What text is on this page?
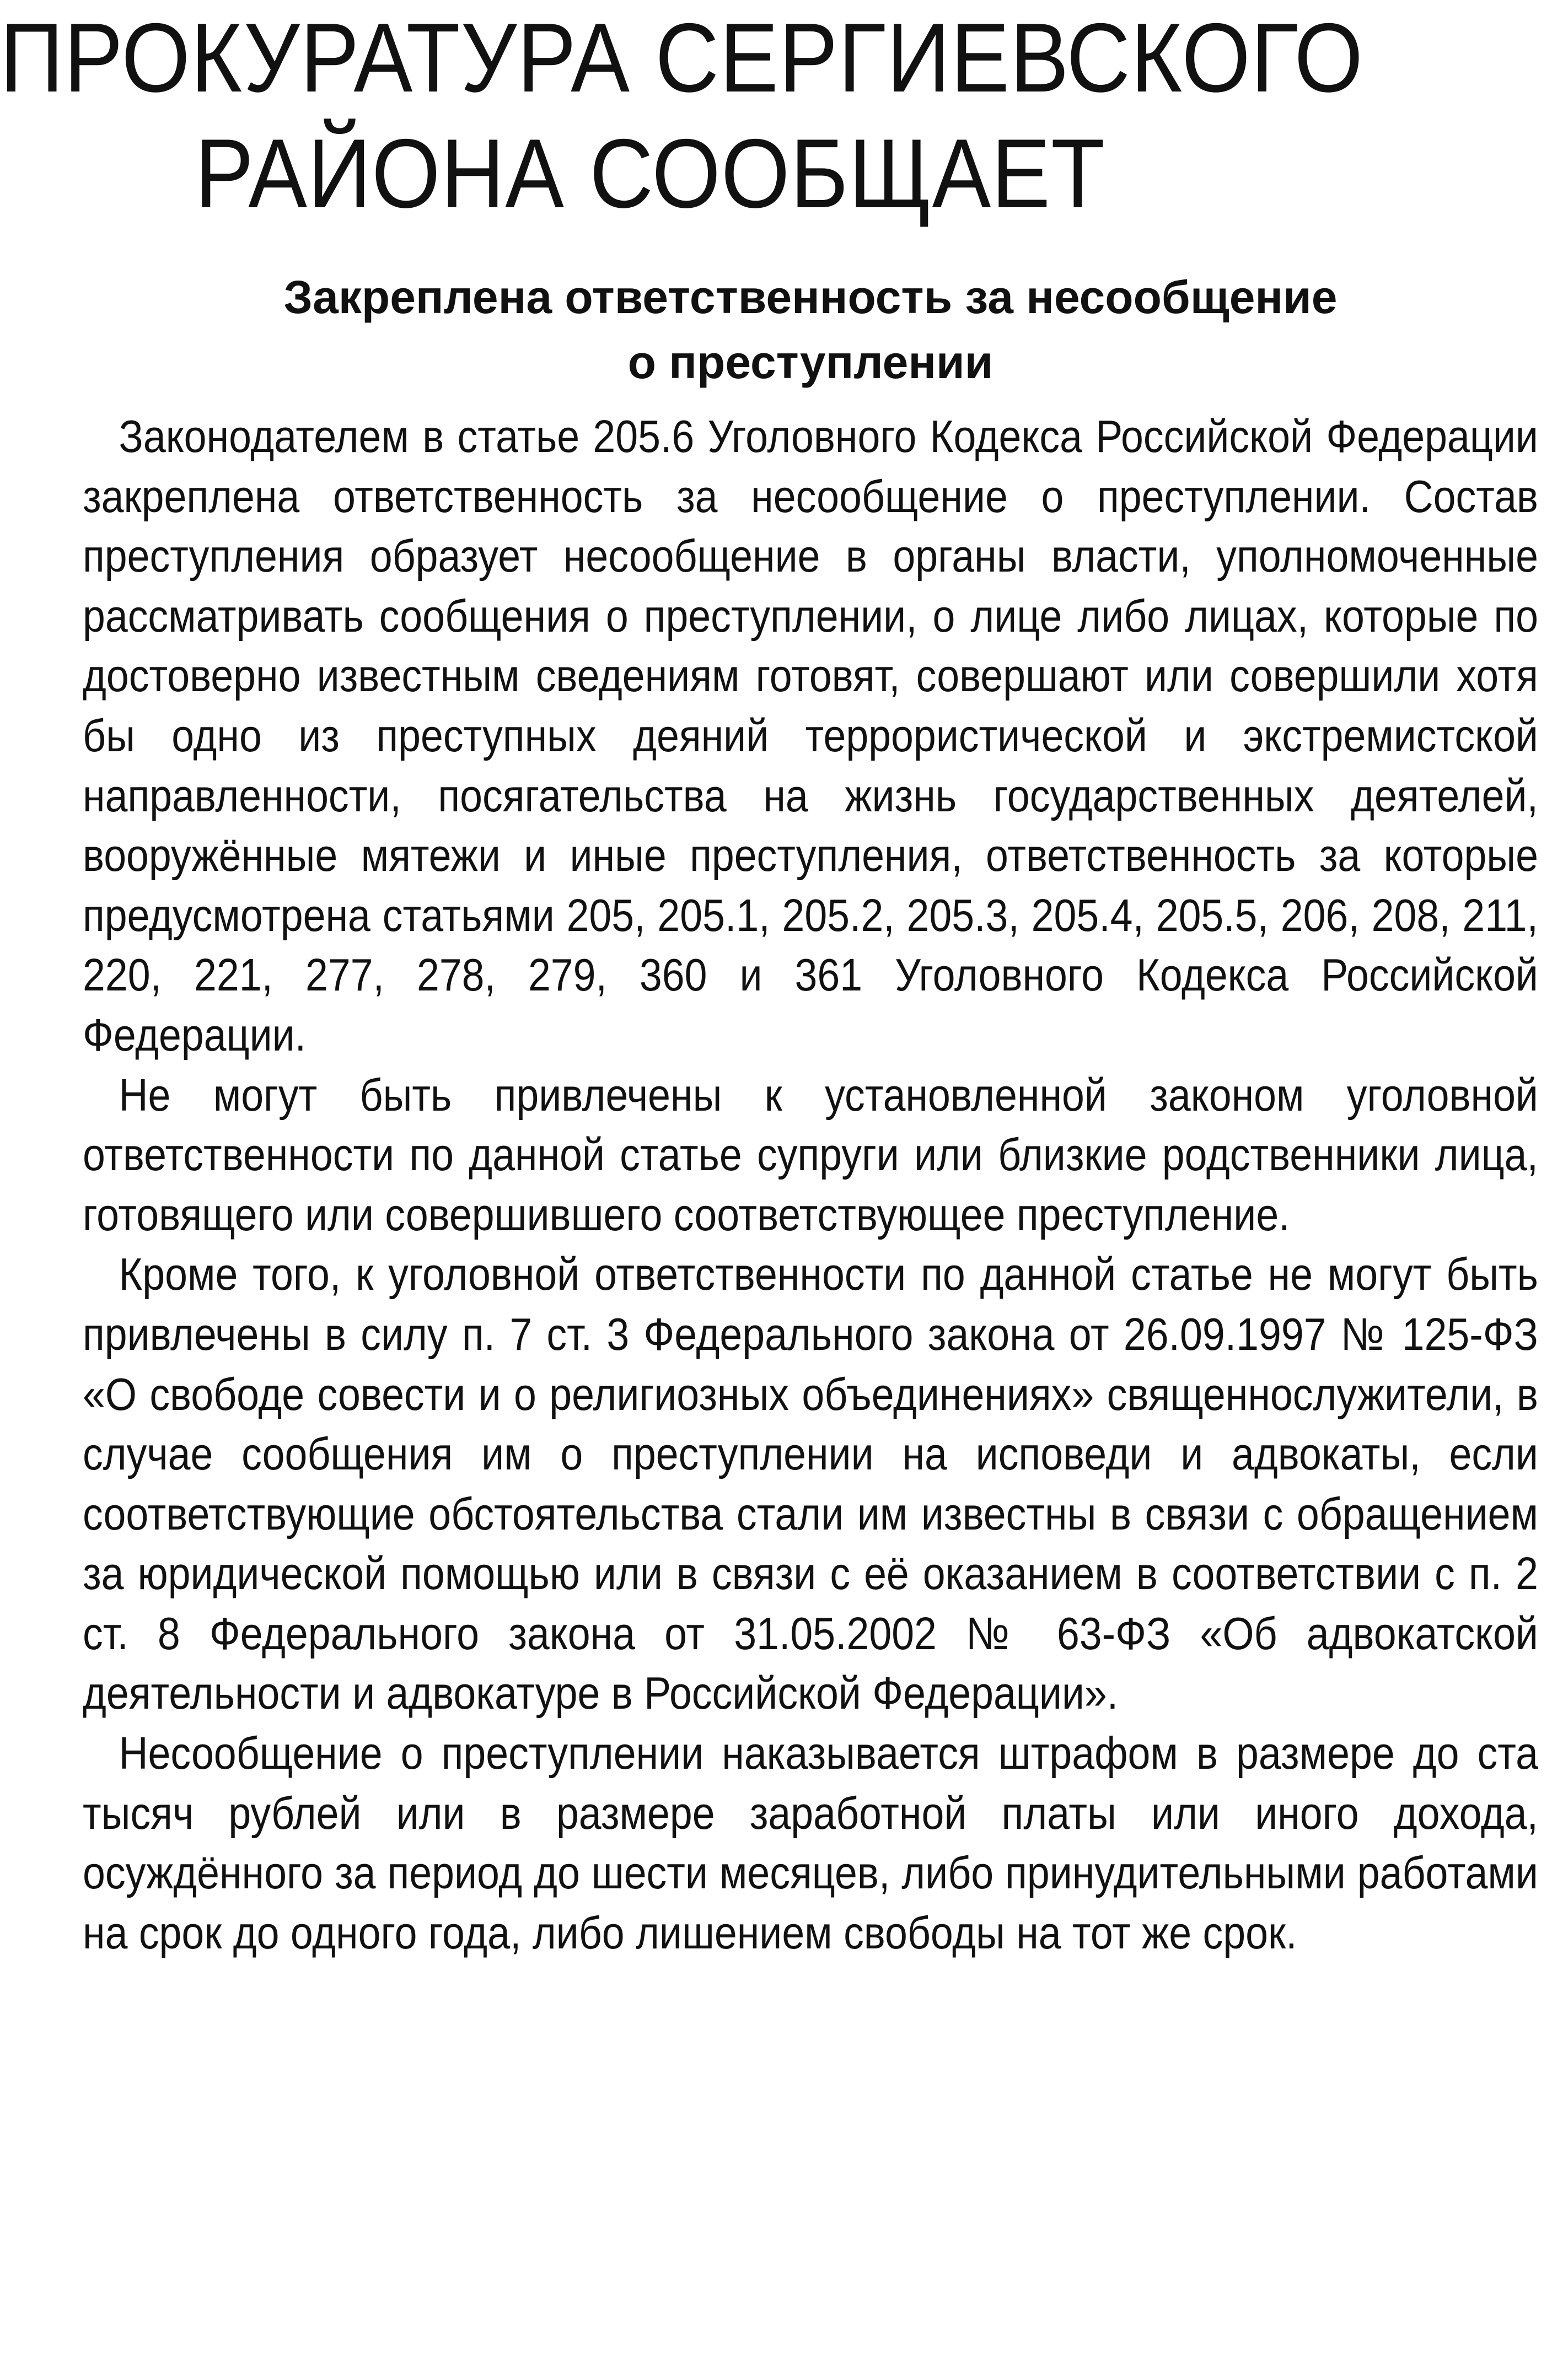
ПРОКУРАТУРА СЕРГИЕВСКОГО
РАЙОНА СООБЩАЕТ
Закреплена ответственность за несообщение
о преступлении

Законодателем в статье 205.6 Уголовного Кодекса Российской Федерации закреплена ответственность за несообщение о преступлении. Состав преступления образует несообщение в органы власти, уполномоченные рассматривать сообщения о преступлении, о лице либо лицах, которые по достоверно известным сведениям готовят, совершают или совершили хотя бы одно из преступных деяний террористической и экстремистской направленности, посягательства на жизнь государственных деятелей, вооружённые мятежи и иные преступления, ответственность за которые предусмотрена статьями 205, 205.1, 205.2, 205.3, 205.4, 205.5, 206, 208, 211, 220, 221, 277, 278, 279, 360 и 361 Уголовного Кодекса Российской Федерации.

Не могут быть привлечены к установленной законом уголовной ответственности по данной статье супруги или близкие родственники лица, готовящего или совершившего соответствующее преступление.

Кроме того, к уголовной ответственности по данной статье не могут быть привлечены в силу п. 7 ст. 3 Федерального закона от 26.09.1997 № 125-ФЗ «О свободе совести и о религиозных объединениях» священнослужители, в случае сообщения им о преступлении на исповеди и адвокаты, если соответствующие обстоятельства стали им известны в связи с обращением за юридической помощью или в связи с её оказанием в соответствии с п. 2 ст. 8 Федерального закона от 31.05.2002 № 63-ФЗ «Об адвокатской деятельности и адвокатуре в Российской Федерации».

Несообщение о преступлении наказывается штрафом в размере до ста тысяч рублей или в размере заработной платы или иного дохода, осуждённого за период до шести месяцев, либо принудительными работами на срок до одного года, либо лишением свободы на тот же срок.
